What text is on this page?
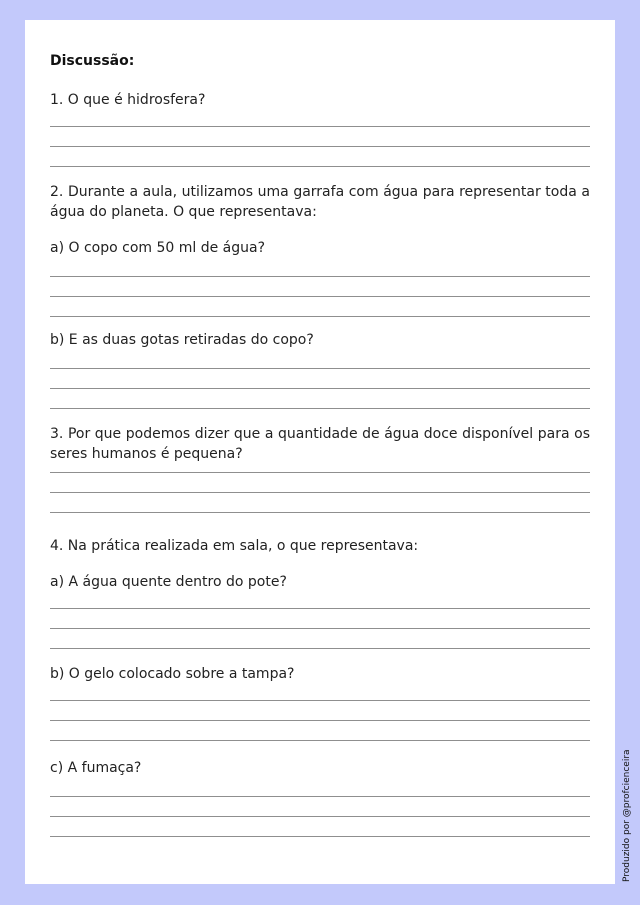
Discussão:
1. O que é hidrosfera?
2. Durante a aula, utilizamos uma garrafa com água para representar toda a água do planeta. O que representava:
a) O copo com 50 ml de água?
b) E as duas gotas retiradas do copo?
3. Por que podemos dizer que a quantidade de água doce disponível para os seres humanos é pequena?
4. Na prática realizada em sala, o que representava:
a) A água quente dentro do pote?
b) O gelo colocado sobre a tampa?
c) A fumaça?	Produzido por @profcienceira
